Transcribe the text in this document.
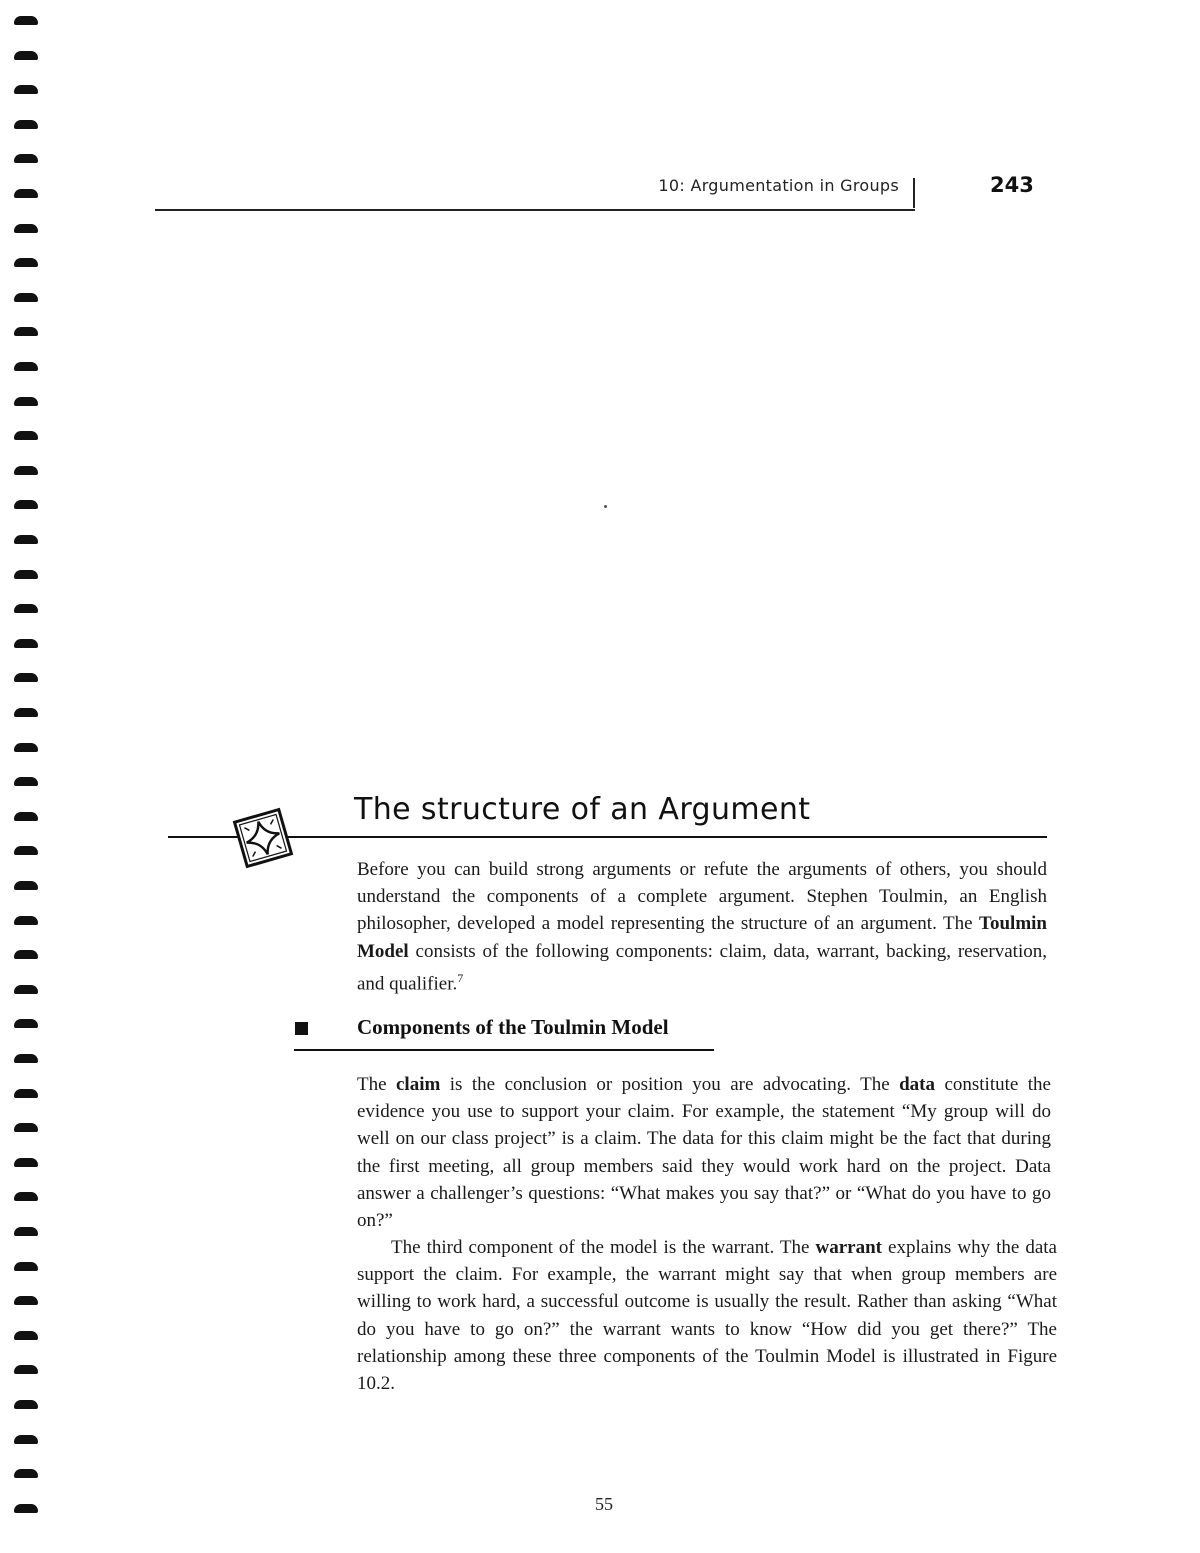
10: Argumentation in Groups	243
The structure of an Argument

Before you can build strong arguments or refute the arguments of others, you should understand the components of a complete argument. Stephen Toulmin, an English philosopher, developed a model representing the structure of an argument. The Toulmin Model consists of the following components: claim, data, warrant, backing, reservation, and qualifier.$^7$

Components of the Toulmin Model

The claim is the conclusion or position you are advocating. The data constitute the evidence you use to support your claim. For example, the statement “My group will do well on our class project” is a claim. The data for this claim might be the fact that during the first meeting, all group members said they would work hard on the project. Data answer a challenger’s questions: “What makes you say that?” or “What do you have to go on?”

The third component of the model is the warrant. The warrant explains why the data support the claim. For example, the warrant might say that when group members are willing to work hard, a successful outcome is usually the result. Rather than asking “What do you have to go on?” the warrant wants to know “How did you get there?” The relationship among these three components of the Toulmin Model is illustrated in Figure 10.2.

55
